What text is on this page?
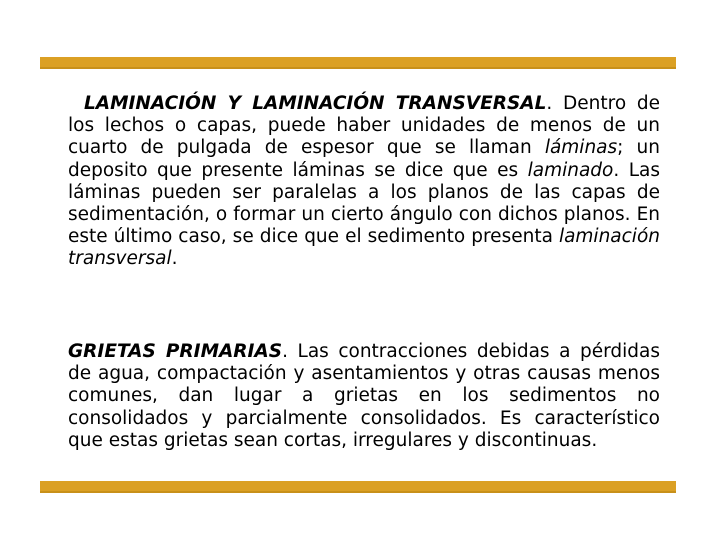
LAMINACIÓN Y LAMINACIÓN TRANSVERSAL. Dentro de los lechos o capas, puede haber unidades de menos de un cuarto de pulgada de espesor que se llaman láminas; un deposito que presente láminas se dice que es laminado. Las láminas pueden ser paralelas a los planos de las capas de sedimentación, o formar un cierto ángulo con dichos planos. En este último caso, se dice que el sedimento presenta laminación transversal.
GRIETAS PRIMARIAS. Las contracciones debidas a pérdidas de agua, compactación y asentamientos y otras causas menos comunes, dan lugar a grietas en los sedimentos no consolidados y parcialmente consolidados. Es característico que estas grietas sean cortas, irregulares y discontinuas.
